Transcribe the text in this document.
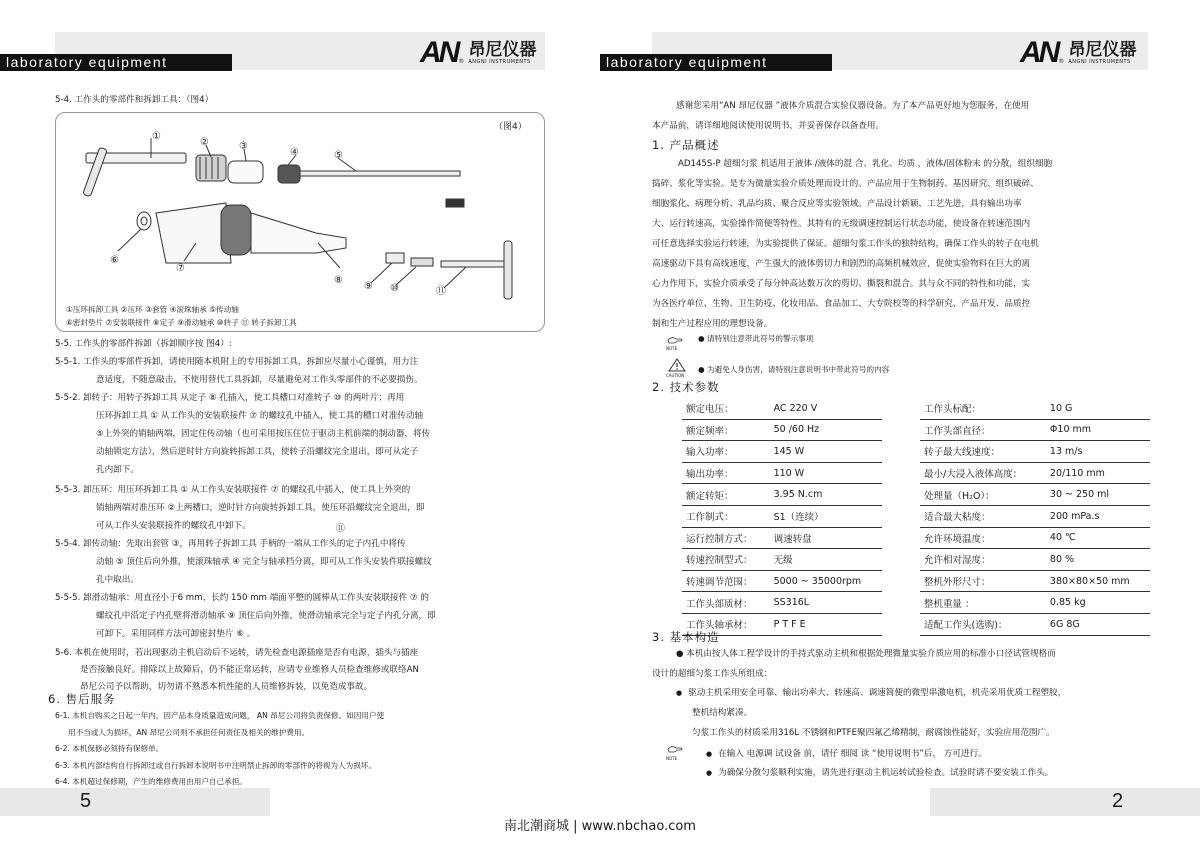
laboratory equipment	AN ®
昂尼仪器
ANGNI INSTRUMENTS
5-4. 工作头的零部件和拆卸工具：（图4）
（图4）
①
②	③
④	⑤
⑥
⑦
⑧
⑨ ⑩	⑪
①压环拆卸工具 ②压环 ③套管 ④滚珠轴承 ⑤传动轴
⑥密封垫片 ⑦安装联接件 ⑧定子 ⑨滑动轴承 ⑩转子 ⑪ 转子拆卸工具
5-5. 工作头的零部件拆卸（拆卸顺序按 图4）:
5-5-1. 工作头的零部件拆卸，请使用随本机附上的专用拆卸工具，拆卸应尽量小心谨慎，用力注
意适度，不随意敲击，不使用替代工具拆卸，尽量避免对工作头零部件的不必要损伤。
5-5-2. 卸转子：用转子拆卸工具 从定子 ⑧ 孔插入，使工具槽口对准转子 ⑩ 的两叶片；再用
压环拆卸工具 ① 从工作头的安装联接件 ⑦ 的螺纹孔中插入，使工具的槽口对准传动轴
⑤上外突的销轴两端，固定住传动轴（也可采用按压住位于驱动主机前端的制动器，将传
动轴锁定方法），然后逆时针方向旋转拆卸工具，使转子沿螺纹完全退出，即可从定子
孔内卸下。
5-5-3. 卸压环：用压环拆卸工具 ① 从工作头安装联接件 ⑦ 的螺纹孔中插入，使工具上外突的
销轴两端对准压环 ②上两槽口，逆时针方向旋转拆卸工具，使压环沿螺纹完全退出，即
可从工作头安装联接件的螺纹孔中卸下。	⑪
5-5-4. 卸传动轴：先取出套管 ③，再用转子拆卸工具 手柄的一端从工作头的定子内孔中将传
动轴 ⑤ 顶住后向外推，使滚珠轴承 ④ 完全与轴承档分离，即可从工作头安装件联接螺纹
孔中取出。
5-5-5. 卸滑动轴承：用直径小于6 mm、长约 150 mm 端面平整的圆棒从工作头安装联接件 ⑦ 的
螺纹孔中沿定子内孔壁将滑动轴承 ⑨ 顶住后向外推，使滑动轴承完全与定子内孔分离，即
可卸下。采用同样方法可卸密封垫片 ⑥ 。
5-6. 本机在使用时，若出现驱动主机启动后不运转，请先检查电源插座是否有电源，插头与插座
是否接触良好。排除以上故障后，仍不能正常运转，应请专业维修人员检查维修或联络AN
昂尼公司予以帮助，切勿请不熟悉本机性能的人员维修拆装，以免造成事故。
6. 售后服务
6-1. 本机自购买之日起一年内，因产品本身质量造成问题， AN 昂尼公司将负责保修。如因用户使
用不当或人为损坏，AN 昂尼公司则不承担任何责任及相关的维护费用。
6-2. 本机保修必须持有保修单。
6-3. 本机内部结构自行拆卸过或自行拆卸本说明书中注明禁止拆卸的零部件的将视为人为损坏。
6-4. 本机超过保修期，产生的维修费用由用户自己承担。
5
laboratory equipment	AN ®
昂尼仪器
ANGNI INSTRUMENTS
感谢您采用“AN 昂尼仪器 ”液体介质混合实验仪器设备。为了本产品更好地为您服务，在使用
本产品前，请详细地阅读使用说明书，并妥善保存以备查用。
1. 产品概述
AD145S-P 超细匀浆 机适用于液体 /液体的混 合、乳化、均质 ，液体/固体粉末 的分散，组织细胞
捣碎、浆化等实验。是专为微量实验介质处理而设计的。产品应用于生物制药、基因研究、组织破碎、
细胞浆化、病理分析、乳品均质、聚合反应等实验领域。产品设计新颖、工艺先进，具有输出功率
大、运行转速高，实验操作简便等特性。其特有的无级调速控制运行状态功能，使设备在转速范围内
可任意选择实验运行转速，为实验提供了保证。超细匀浆工作头的独特结构，确保工作头的转子在电机
高速驱动下具有高线速度，产生强大的液体剪切力和剧烈的高频机械效应，促使实验物料在巨大的离
心力作用下，实验介质承受了每分钟高达数万次的剪切、撕裂和混合。其与众不同的特性和功能，实
为各医疗单位、生物、卫生防疫、化妆用品、食品加工、大专院校等的科学研究、产品开发、品质控
制和生产过程应用的理想设备。
NOTE
● 请特别注意带此符号的警示事项
CAUTION
● 为避免人身伤害，请特别注意说明书中带此符号的内容
2. 技术参数
额定电压：	AC 220 V
额定频率：	50 /60 Hz
输入功率：	145 W
输出功率：	110 W
额定转矩：	3.95 N.cm
工作制式：	S1（连续）
运行控制方式：	调速转盘
转速控制型式：	无级
转速调节范围：	5000 ~ 35000rpm
工作头部质材：	SS316L
工作头轴承材：	P T F E
工作头标配：	10 G
工作头部直径：	Φ10 mm
转子最大线速度：	13 m/s
最小/大浸入液体高度：	20/110 mm
处理量（H₂O）：	30 ~ 250 ml
适合最大粘度：	200 mPa.s
允许环境温度：	40 ℃
允许相对湿度：	80 %
整机外形尺寸：	380×80×50 mm
整机重量 ：	0.85 kg
适配工作头(选购)：	6G 8G
3. 基本构造
● 本机由按人体工程学设计的手持式驱动主机和根据处理微量实验介质应用的标准小口径试管规格而
设计的超细匀浆工作头所组成：
● 驱动主机采用安全可靠、输出功率大、转速高、调速简便的微型串激电机，机壳采用优质工程塑胶，
整机结构紧凑。
匀浆工作头的材质采用316L 不锈钢和PTFE聚四氟乙烯精制，耐腐蚀性能好，实验应用范围广。
NOTE	● 在输入 电源调 试设备 前，请仔 细阅 读 “使用说明书”后， 方可进行。
● 为确保分散匀浆顺利实施，请先进行驱动主机运转试验检查。试验时请不要安装工作头。
2
南北潮商城 | www.nbchao.com
